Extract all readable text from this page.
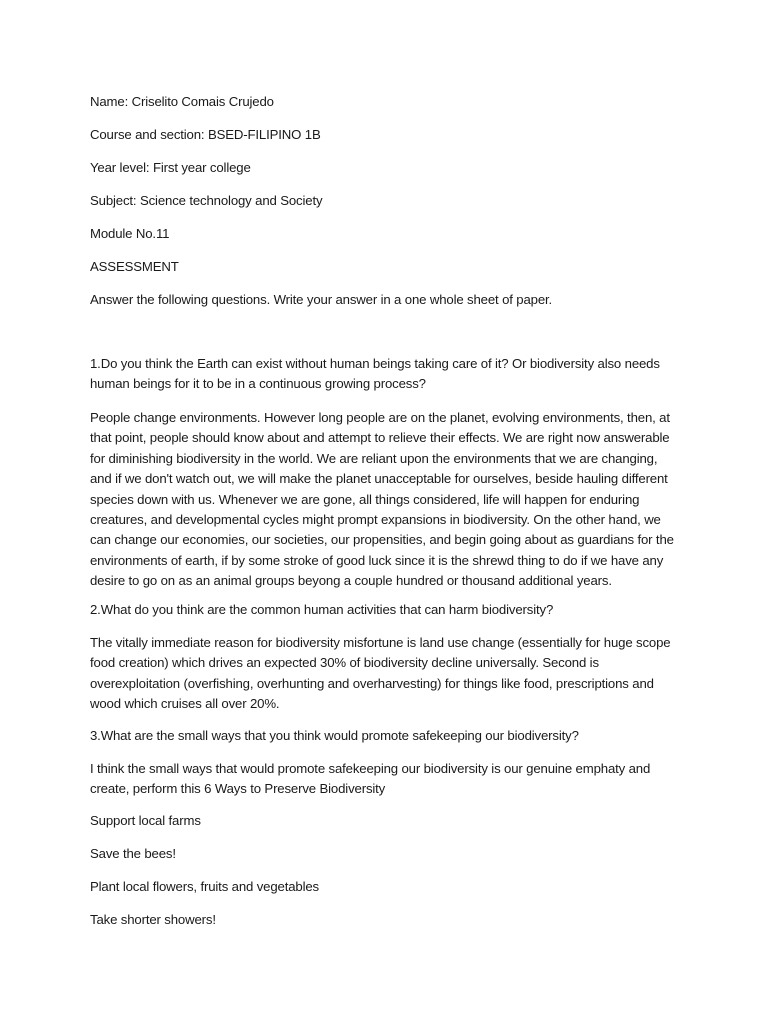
Name: Criselito Comais Crujedo
Course and section: BSED-FILIPINO 1B
Year level: First year college
Subject: Science technology and Society
Module No.11
ASSESSMENT
Answer the following questions. Write your answer in a one whole sheet of paper.
1.Do you think the Earth can exist without human beings taking care of it? Or biodiversity also needs
human beings for it to be in a continuous growing process?
People change environments. However long people are on the planet, evolving environments, then, at
that point, people should know about and attempt to relieve their effects. We are right now answerable
for diminishing biodiversity in the world. We are reliant upon the environments that we are changing,
and if we don't watch out, we will make the planet unacceptable for ourselves, beside hauling different
species down with us. Whenever we are gone, all things considered, life will happen for enduring
creatures, and developmental cycles might prompt expansions in biodiversity. On the other hand, we
can change our economies, our societies, our propensities, and begin going about as guardians for the
environments of earth, if by some stroke of good luck since it is the shrewd thing to do if we have any
desire to go on as an animal groups beyong a couple hundred or thousand additional years.
2.What do you think are the common human activities that can harm biodiversity?
The vitally immediate reason for biodiversity misfortune is land use change (essentially for huge scope
food creation) which drives an expected 30% of biodiversity decline universally. Second is
overexploitation (overfishing, overhunting and overharvesting) for things like food, prescriptions and
wood which cruises all over 20%.
3.What are the small ways that you think would promote safekeeping our biodiversity?
I think the small ways that would promote safekeeping our biodiversity is our genuine emphaty and
create, perform this 6 Ways to Preserve Biodiversity
Support local farms
Save the bees!
Plant local flowers, fruits and vegetables
Take shorter showers!
